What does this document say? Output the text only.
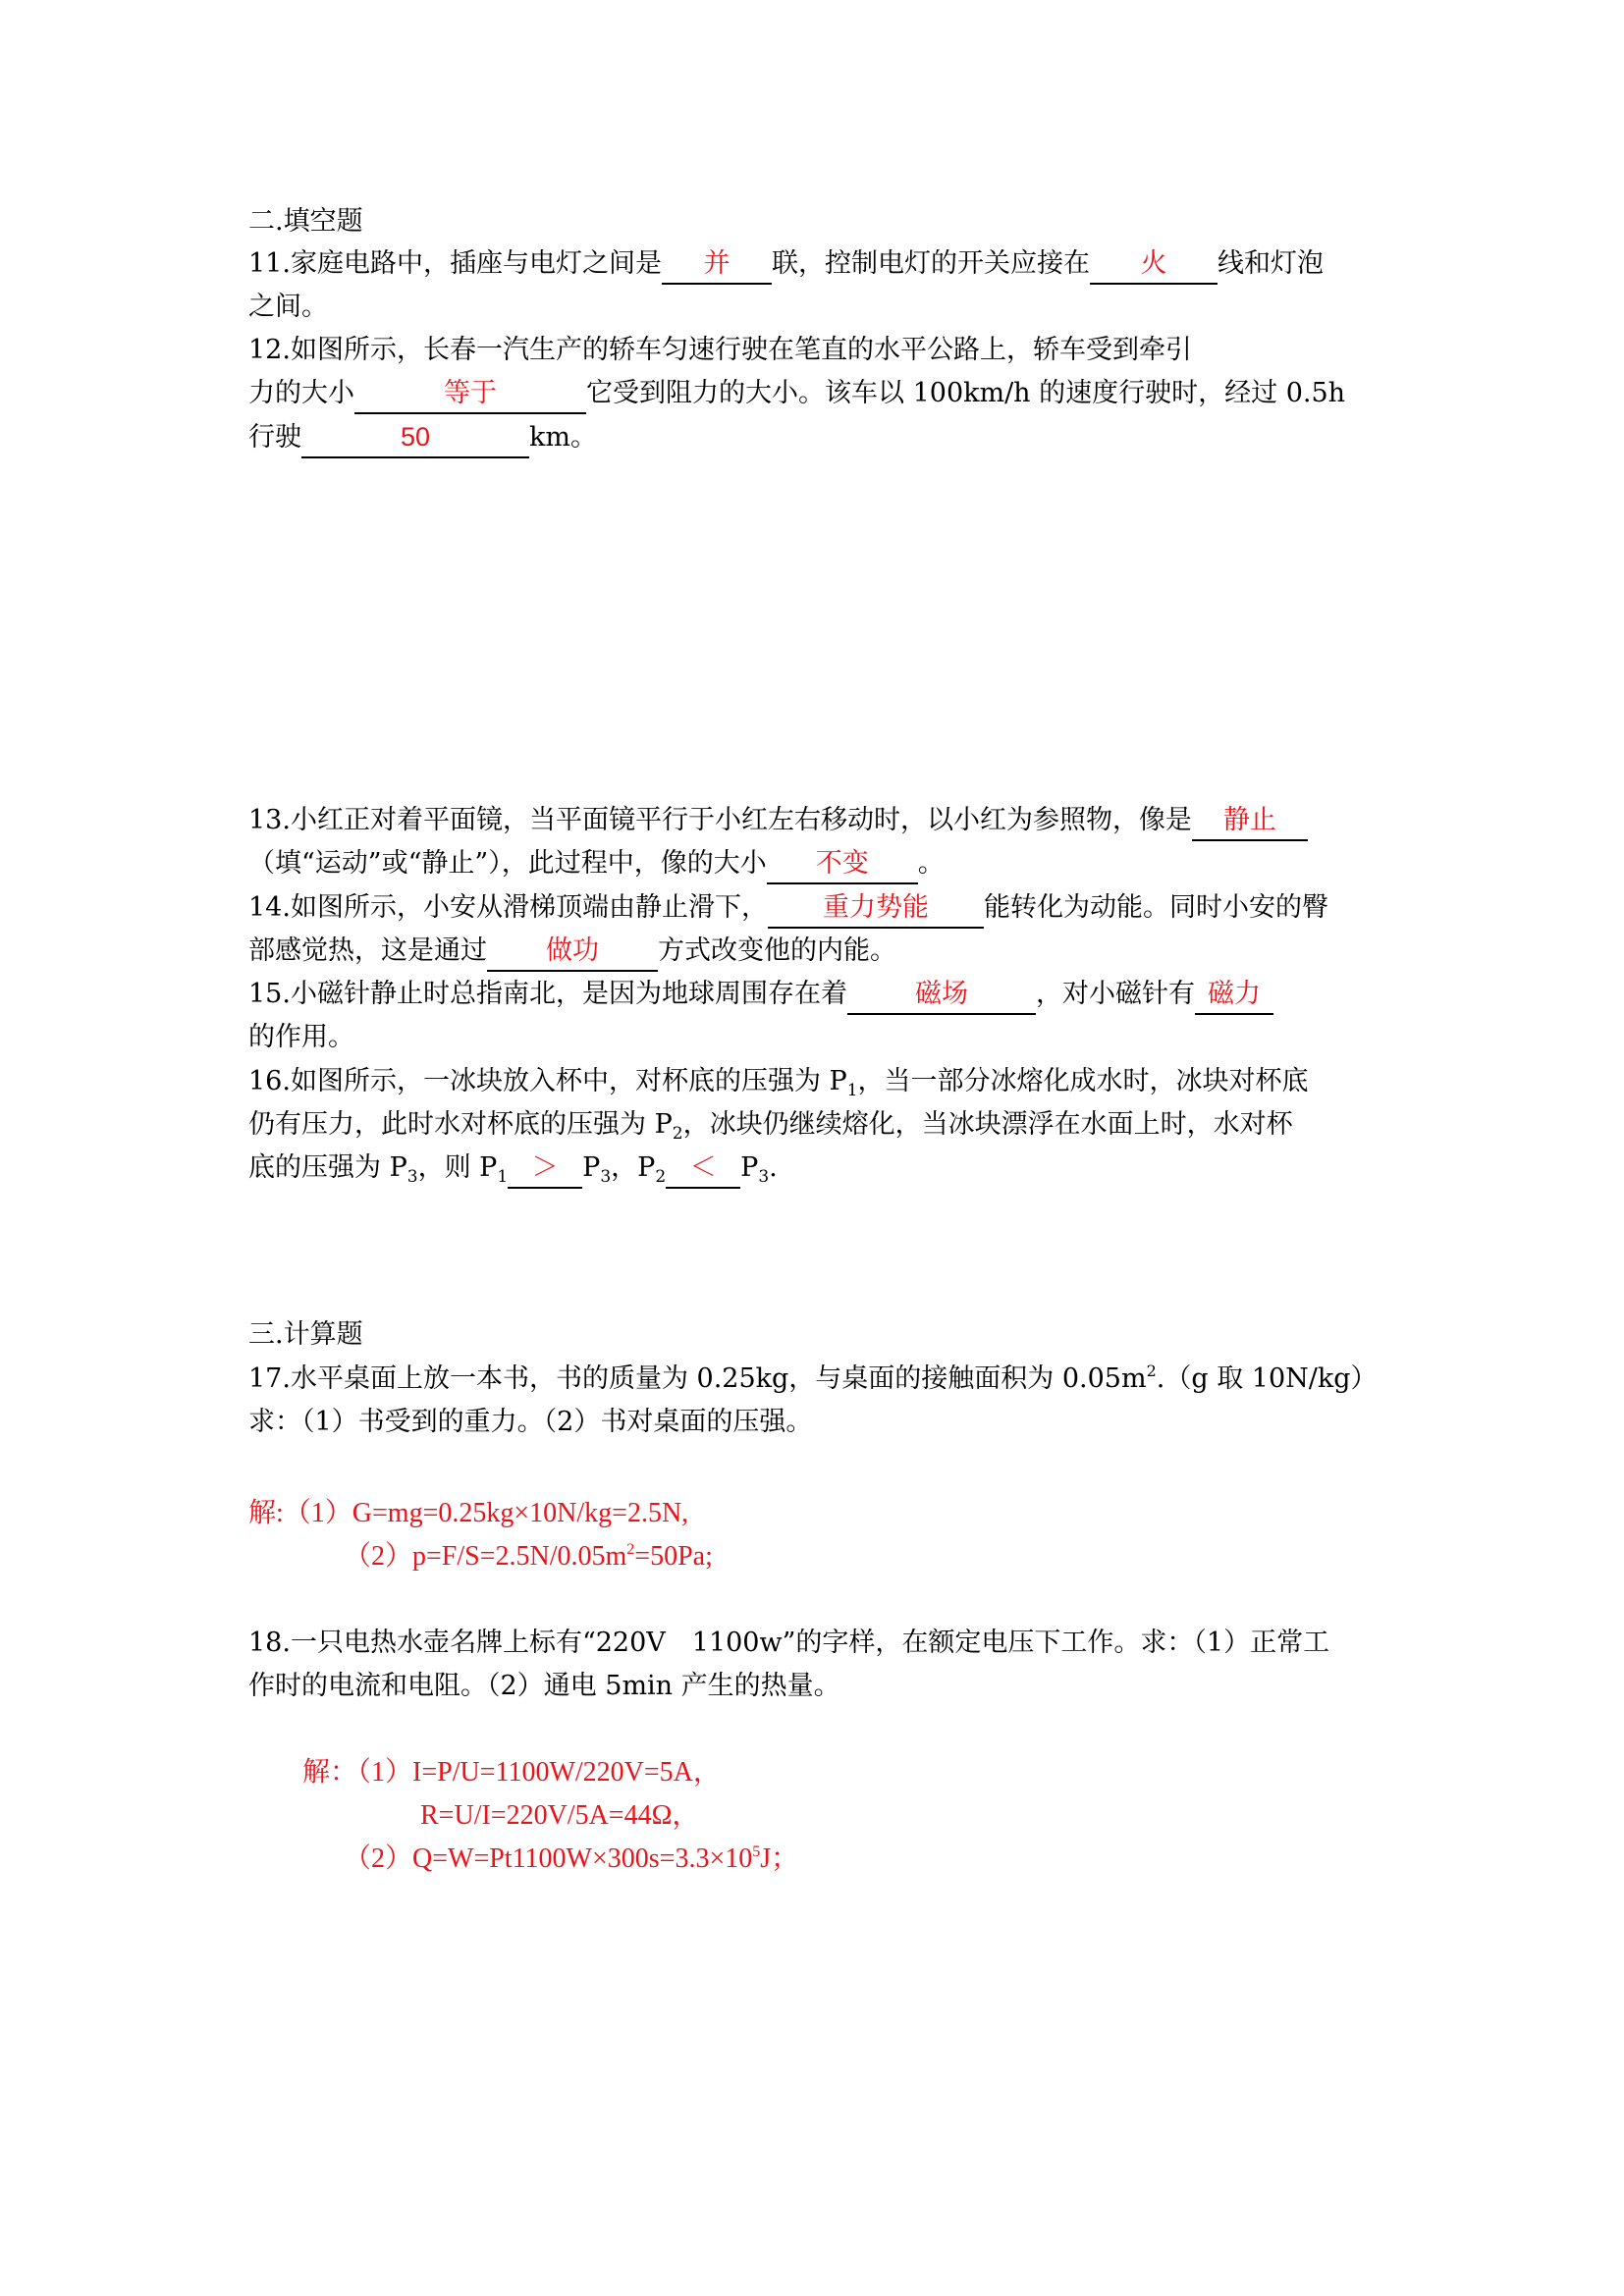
二.填空题
11.家庭电路中，插座与电灯之间是 并 联，控制电灯的开关应接在 火 线和灯泡
之间。
12.如图所示，长春一汽生产的轿车匀速行驶在笔直的水平公路上，轿车受到牵引
力的大小	等于	它受到阻力的大小。该车以 100km/h 的速度行驶时，经过 0.5h
行驶	50	km。
13.小红正对着平面镜，当平面镜平行于小红左右移动时，以小红为参照物，像是 静止
（填“运动”或“静止”），此过程中，像的大小 不变 。
14.如图所示，小安从滑梯顶端由静止滑下， 重力势能 能转化为动能。同时小安的臀
部感觉热，这是通过 做功 方式改变他的内能。
15.小磁针静止时总指南北，是因为地球周围存在着	磁场	，对小磁针有 磁力
的作用。
16.如图所示，一冰块放入杯中，对杯底的压强为 $P_1$，当一部分冰熔化成水时，冰块对杯底
仍有压力，此时水对杯底的压强为 $P_2$，冰块仍继续熔化，当冰块漂浮在水面上时，水对杯
底的压强为 $P_3$，则 $P_1 > P_3$，$P_2 < P_3$.
三.计算题
17.水平桌面上放一本书，书的质量为 0.25kg，与桌面的接触面积为 $0.05m^2.(g$ 取 10N/kg）
求：（1）书受到的重力。（2）书对桌面的压强。
解:（1）G=mg=0.25kg×10N/kg=2.5N,
$(2)p=F/S=2.5N/0.05m^2=50Pa$;
18.一只电热水壶名牌上标有“220V　1100w”的字样，在额定电压下工作。求：（1）正常工
作时的电流和电阻。（2）通电 5min 产生的热量。
解：（1）I=P/U=1100W/220V=5A，
R=U/I=220V/5A=44Ω，
$(2)Q=W=Pt1100W\times 300s=3.3\times 10^5J$；
